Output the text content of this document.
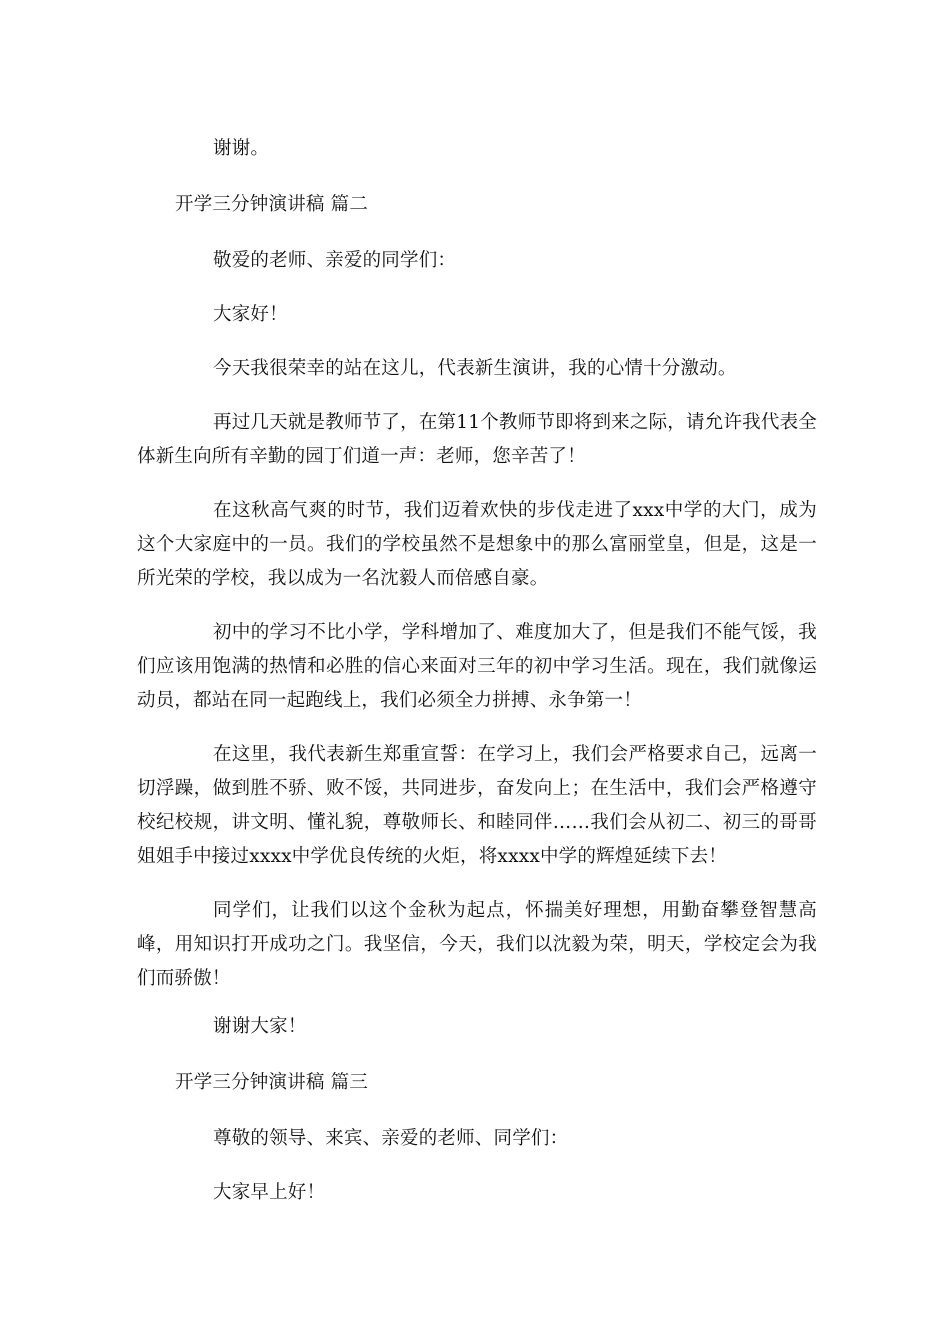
谢谢。

开学三分钟演讲稿 篇二

敬爱的老师、亲爱的同学们：

大家好！

今天我很荣幸的站在这儿，代表新生演讲，我的心情十分激动。

再过几天就是教师节了，在第11个教师节即将到来之际，请允许我代表全体新生向所有辛勤的园丁们道一声：老师，您辛苦了！

在这秋高气爽的时节，我们迈着欢快的步伐走进了xxx中学的大门，成为这个大家庭中的一员。我们的学校虽然不是想象中的那么富丽堂皇，但是，这是一所光荣的学校，我以成为一名沈毅人而倍感自豪。

初中的学习不比小学，学科增加了、难度加大了，但是我们不能气馁，我们应该用饱满的热情和必胜的信心来面对三年的初中学习生活。现在，我们就像运动员，都站在同一起跑线上，我们必须全力拼搏、永争第一！

在这里，我代表新生郑重宣誓：在学习上，我们会严格要求自己，远离一切浮躁，做到胜不骄、败不馁，共同进步，奋发向上；在生活中，我们会严格遵守校纪校规，讲文明、懂礼貌，尊敬师长、和睦同伴……我们会从初二、初三的哥哥姐姐手中接过xxxx中学优良传统的火炬，将xxxx中学的辉煌延续下去！

同学们，让我们以这个金秋为起点，怀揣美好理想，用勤奋攀登智慧高峰，用知识打开成功之门。我坚信，今天，我们以沈毅为荣，明天，学校定会为我们而骄傲！

谢谢大家！

开学三分钟演讲稿 篇三

尊敬的领导、来宾、亲爱的老师、同学们：

大家早上好！
